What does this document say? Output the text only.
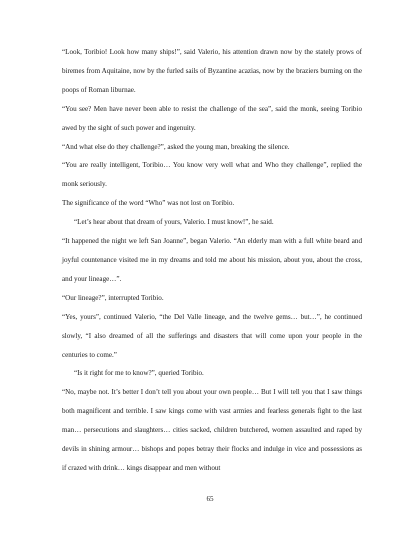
“Look, Toribio! Look how many ships!”, said Valerio, his attention drawn now by the stately prows of biremes from Aquitaine, now by the furled sails of Byzantine acazias, now by the braziers burning on the poops of Roman liburnae.

“You see? Men have never been able to resist the challenge of the sea”, said the monk, seeing Toribio awed by the sight of such power and ingenuity.

“And what else do they challenge?”, asked the young man, breaking the silence.

“You are really intelligent, Toribio… You know very well what and Who they challenge”, replied the monk seriously.

The significance of the word “Who” was not lost on Toribio.

“Let’s hear about that dream of yours, Valerio. I must know!”, he said.

“It happened the night we left San Joanne”, began Valerio. “An elderly man with a full white beard and joyful countenance visited me in my dreams and told me about his mission, about you, about the cross, and your lineage…”.

“Our lineage?”, interrupted Toribio.

“Yes, yours”, continued Valerio, “the Del Valle lineage, and the twelve gems… but…”, he continued slowly, “I also dreamed of all the sufferings and disasters that will come upon your people in the centuries to come.”

“Is it right for me to know?”, queried Toribio.

“No, maybe not. It’s better I don’t tell you about your own people… But I will tell you that I saw things both magnificent and terrible. I saw kings come with vast armies and fearless generals fight to the last man… persecutions and slaughters… cities sacked, children butchered, women assaulted and raped by devils in shining armour… bishops and popes betray their flocks and indulge in vice and possessions as if crazed with drink… kings disappear and men without

65
